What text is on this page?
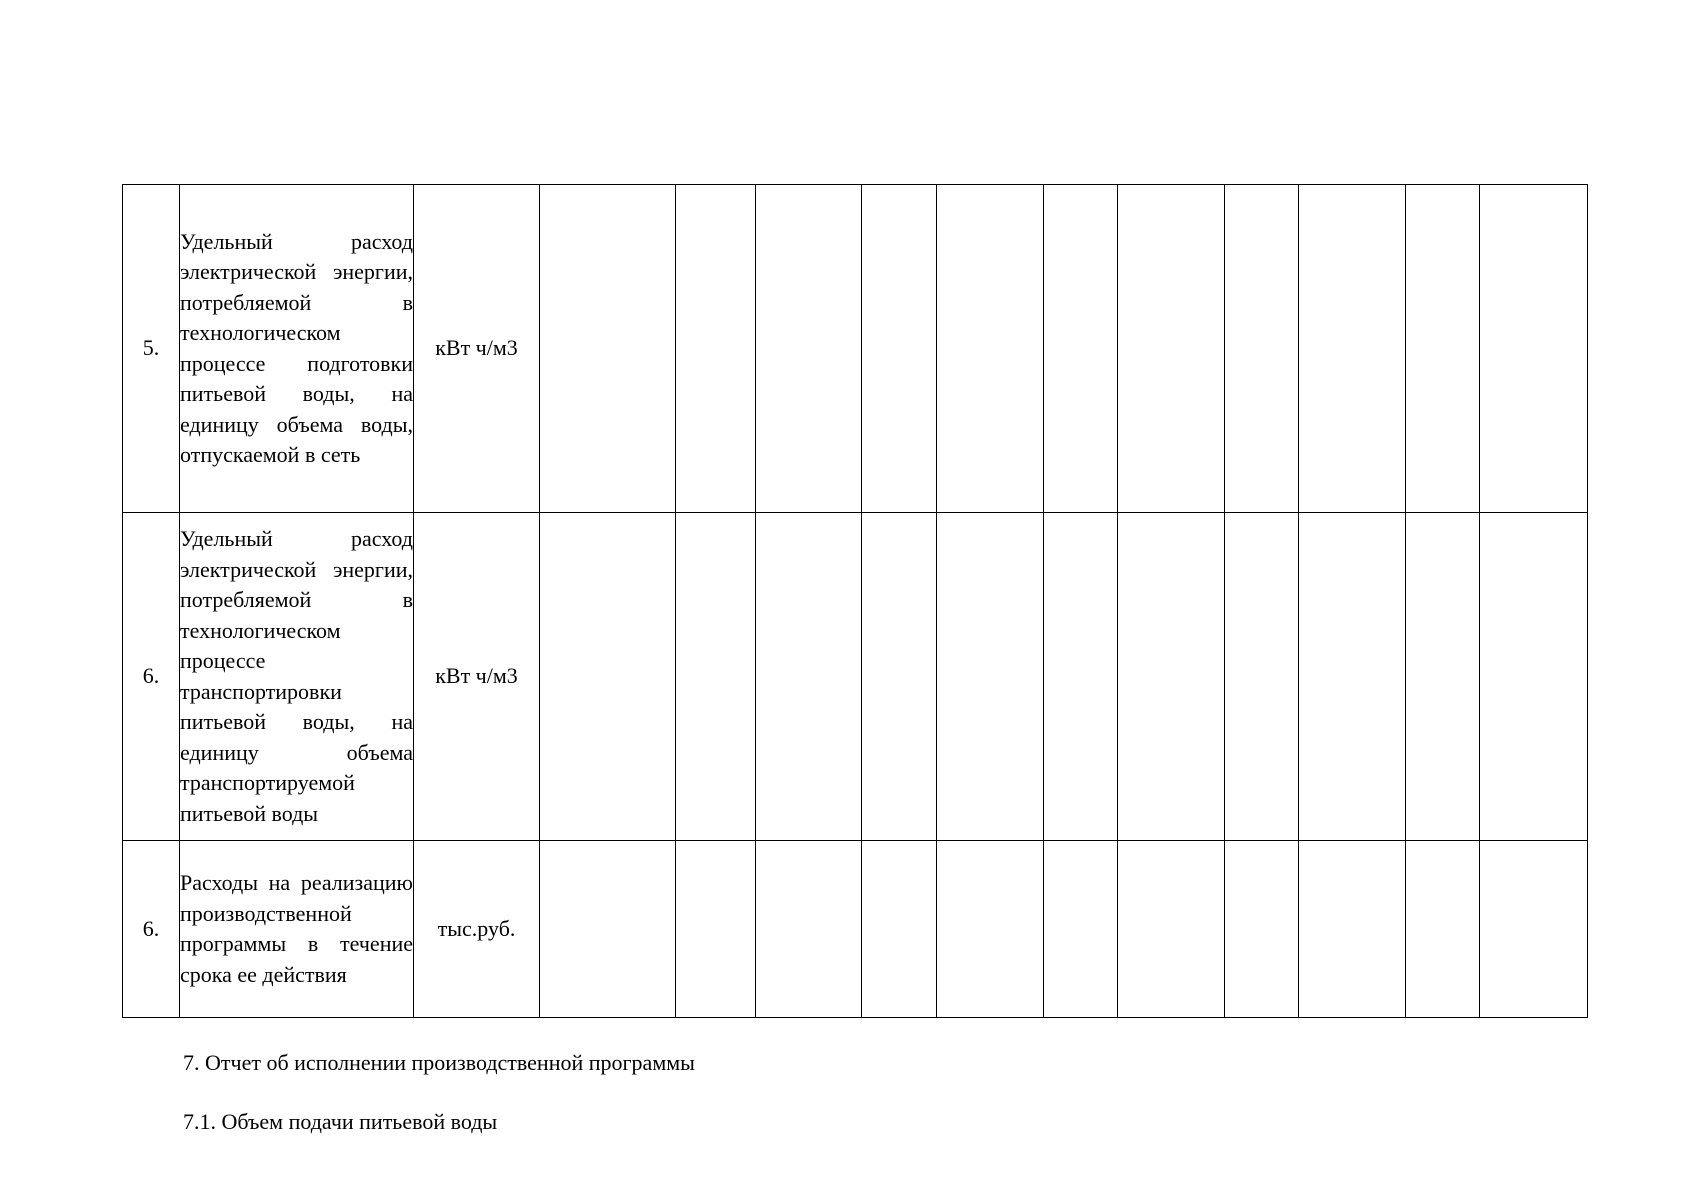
5.	Удельный расход электрической энергии, потребляемой в технологическом процессе подготовки питьевой воды, на единицу объема воды, отпускаемой в сеть	кВт ч/м3											
6.	Удельный расход электрической энергии, потребляемой в технологическом процессе транспортировки питьевой воды, на единицу объема транспортируемой питьевой воды	кВт ч/м3											
6.	Расходы на реализацию производственной программы в течение срока ее действия	тыс.руб.											
7. Отчет об исполнении производственной программы
7.1. Объем подачи питьевой воды
